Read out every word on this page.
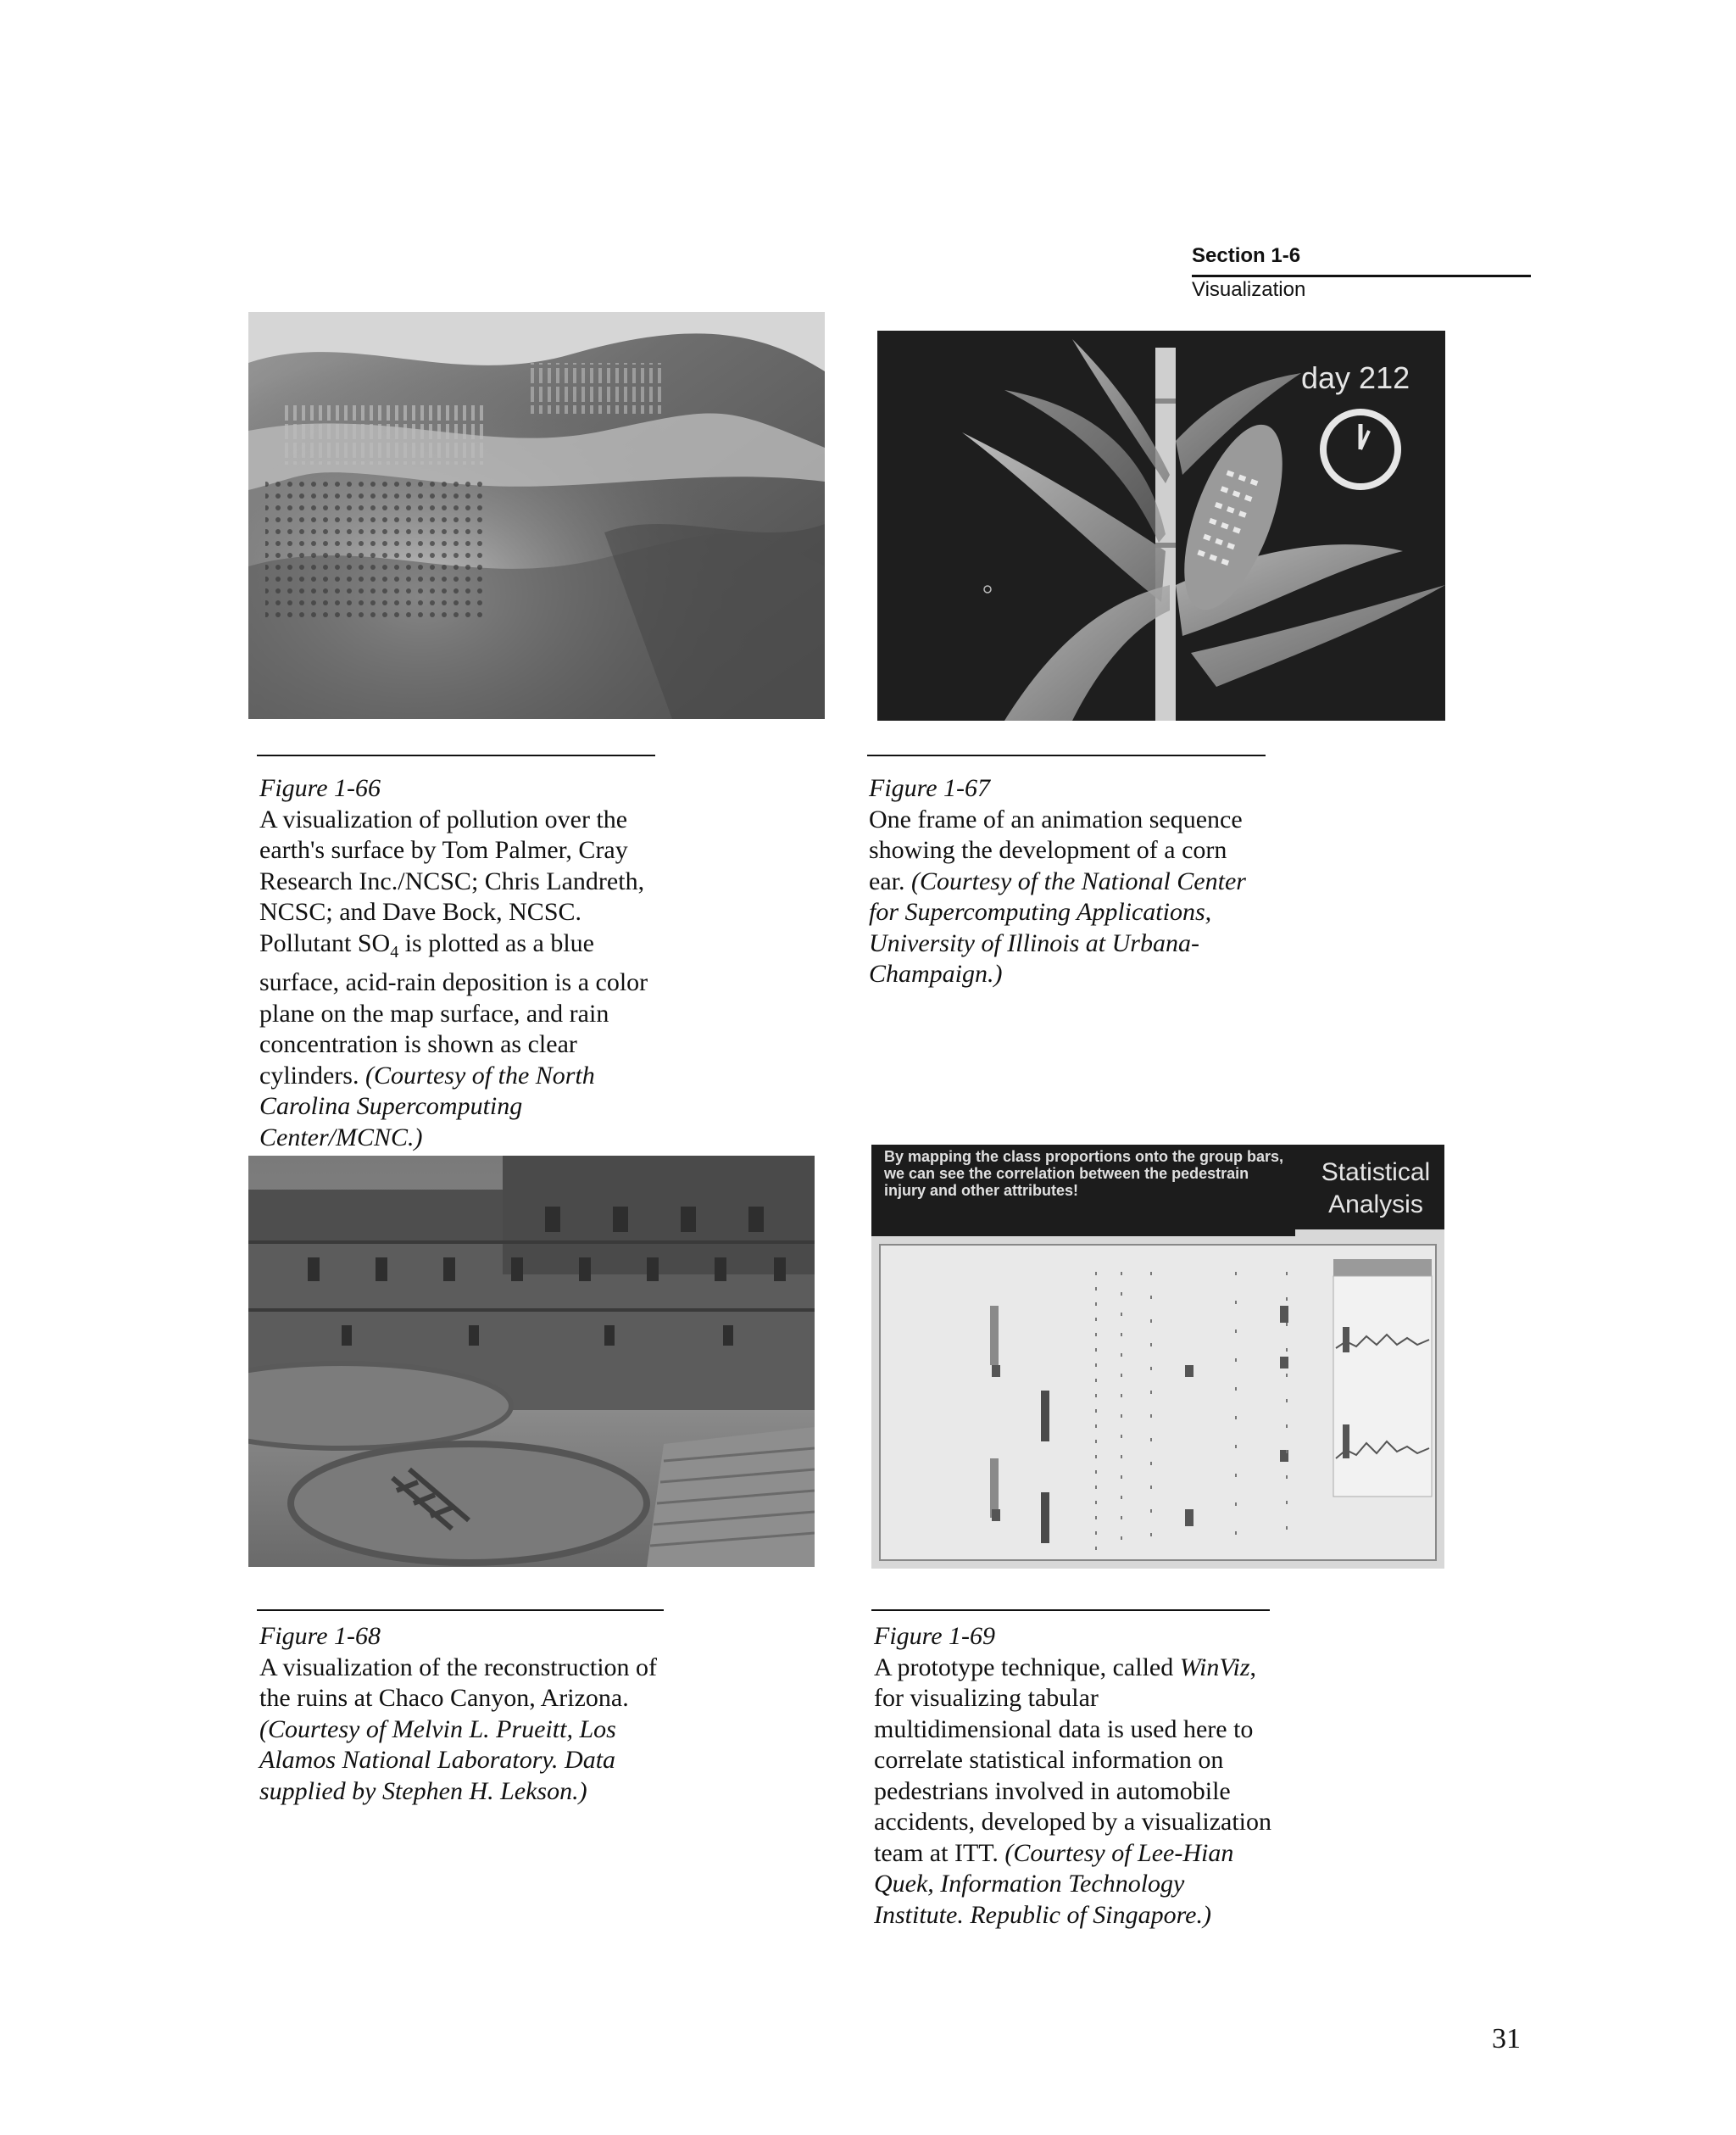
Section 1-6
Visualization
day 212
Figure 1-66
A visualization of pollution over the earth's surface by Tom Palmer, Cray Research Inc./NCSC; Chris Landreth, NCSC; and Dave Bock, NCSC. Pollutant $SO_4$ is plotted as a blue surface, acid-rain deposition is a color plane on the map surface, and rain concentration is shown as clear cylinders. (Courtesy of the North Carolina Supercomputing Center/MCNC.)
Figure 1-67
One frame of an animation sequence showing the development of a corn ear. (Courtesy of the National Center for Supercomputing Applications, University of Illinois at Urbana-Champaign.)
By mapping the class proportions onto the group bars, we can see the correlation between the pedestrain injury and other attributes!
Statistical
Analysis
Figure 1-68
A visualization of the reconstruction of the ruins at Chaco Canyon, Arizona. (Courtesy of Melvin L. Prueitt, Los Alamos National Laboratory. Data supplied by Stephen H. Lekson.)
Figure 1-69
A prototype technique, called WinViz, for visualizing tabular multidimensional data is used here to correlate statistical information on pedestrians involved in automobile accidents, developed by a visualization team at ITT. (Courtesy of Lee-Hian Quek, Information Technology Institute. Republic of Singapore.)
31
